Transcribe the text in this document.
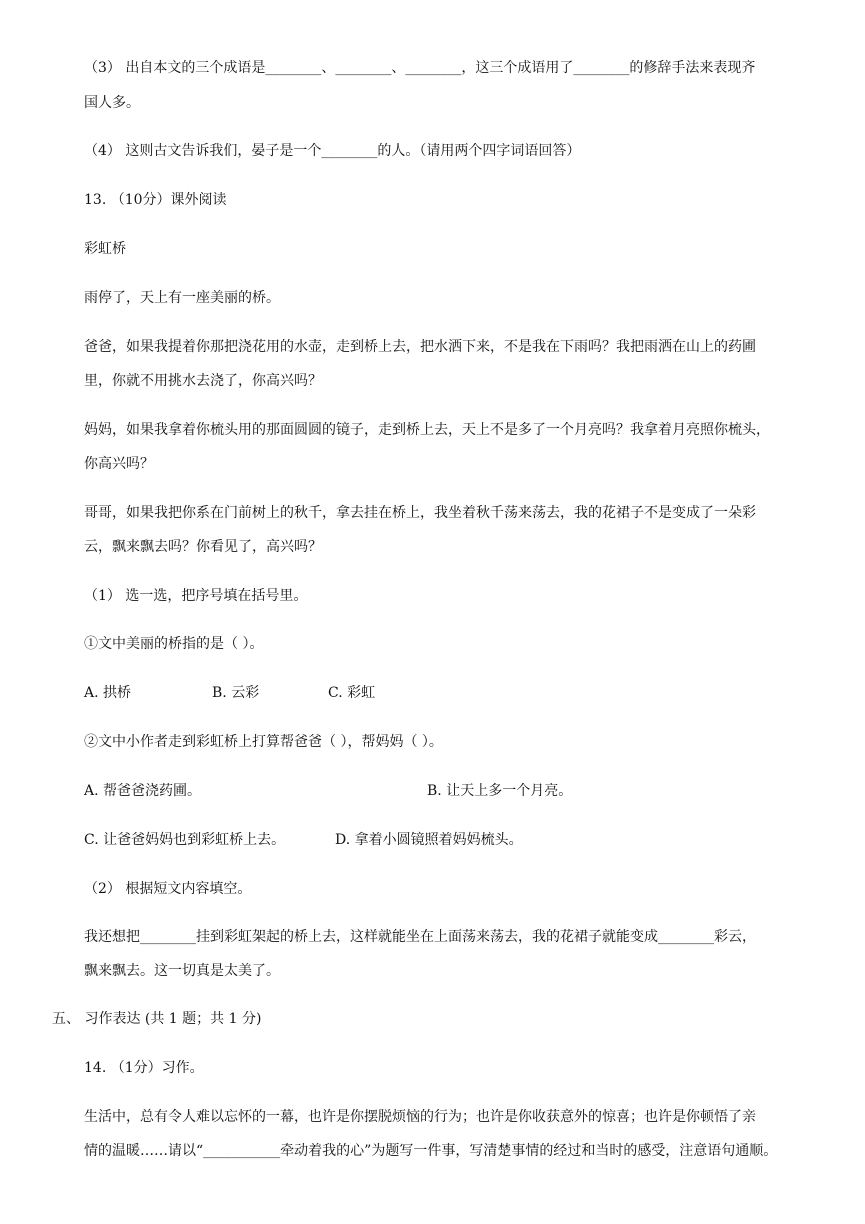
（3） 出自本文的三个成语是________、________、________，这三个成语用了________的修辞手法来表现齐
国人多。
（4） 这则古文告诉我们，晏子是一个________的人。（请用两个四字词语回答）
13. （10分）课外阅读
彩虹桥
雨停了，天上有一座美丽的桥。
爸爸，如果我提着你那把浇花用的水壶，走到桥上去，把水洒下来，不是我在下雨吗？我把雨洒在山上的药圃
里，你就不用挑水去浇了，你高兴吗？
妈妈，如果我拿着你梳头用的那面圆圆的镜子，走到桥上去，天上不是多了一个月亮吗？我拿着月亮照你梳头，
你高兴吗？
哥哥，如果我把你系在门前树上的秋千，拿去挂在桥上，我坐着秋千荡来荡去，我的花裙子不是变成了一朵彩
云，飘来飘去吗？你看见了，高兴吗？
（1） 选一选，把序号填在括号里。
①文中美丽的桥指的是（ ）。
A. 拱桥	B. 云彩	C. 彩虹
②文中小作者走到彩虹桥上打算帮爸爸（ ），帮妈妈（ ）。
A. 帮爸爸浇药圃。	B. 让天上多一个月亮。
C. 让爸爸妈妈也到彩虹桥上去。	D. 拿着小圆镜照着妈妈梳头。
（2） 根据短文内容填空。
我还想把________挂到彩虹架起的桥上去，这样就能坐在上面荡来荡去，我的花裙子就能变成________彩云，
飘来飘去。这一切真是太美了。
五、 习作表达 (共 1 题；共 1 分)
14. （1分）习作。
生活中，总有令人难以忘怀的一幕，也许是你摆脱烦恼的行为；也许是你收获意外的惊喜；也许是你顿悟了亲
情的温暖……请以“___________牵动着我的心”为题写一件事，写清楚事情的经过和当时的感受，注意语句通顺。
